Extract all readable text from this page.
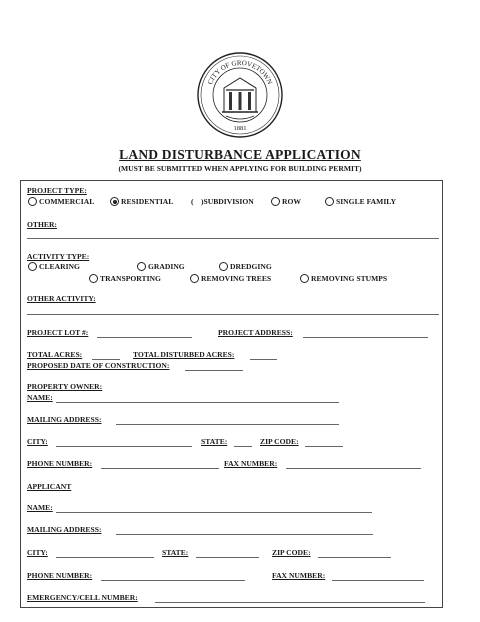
CITY OF GROVETOWN
1881
LAND DISTURBANCE APPLICATION
(MUST BE SUBMITTED WHEN APPLYING FOR BUILDING PERMIT)
PROJECT TYPE:
COMMERCIAL	RESIDENTIAL ( )SUBDIVISION	ROW	SINGLE FAMILY
OTHER:
ACTIVITY TYPE:
CLEARING	GRADING	DREDGING
TRANSPORTING	REMOVING TREES	REMOVING STUMPS
OTHER ACTIVITY:
PROJECT LOT #:	PROJECT ADDRESS:
TOTAL ACRES:	TOTAL DISTURBED ACRES:
PROPOSED DATE OF CONSTRUCTION:
PROPERTY OWNER:
NAME:
MAILING ADDRESS:
CITY:	STATE:	ZIP CODE:
PHONE NUMBER:	FAX NUMBER:
APPLICANT
NAME:
MAILING ADDRESS:
CITY:	STATE:	ZIP CODE:
PHONE NUMBER:	FAX NUMBER:
EMERGENCY/CELL NUMBER:
